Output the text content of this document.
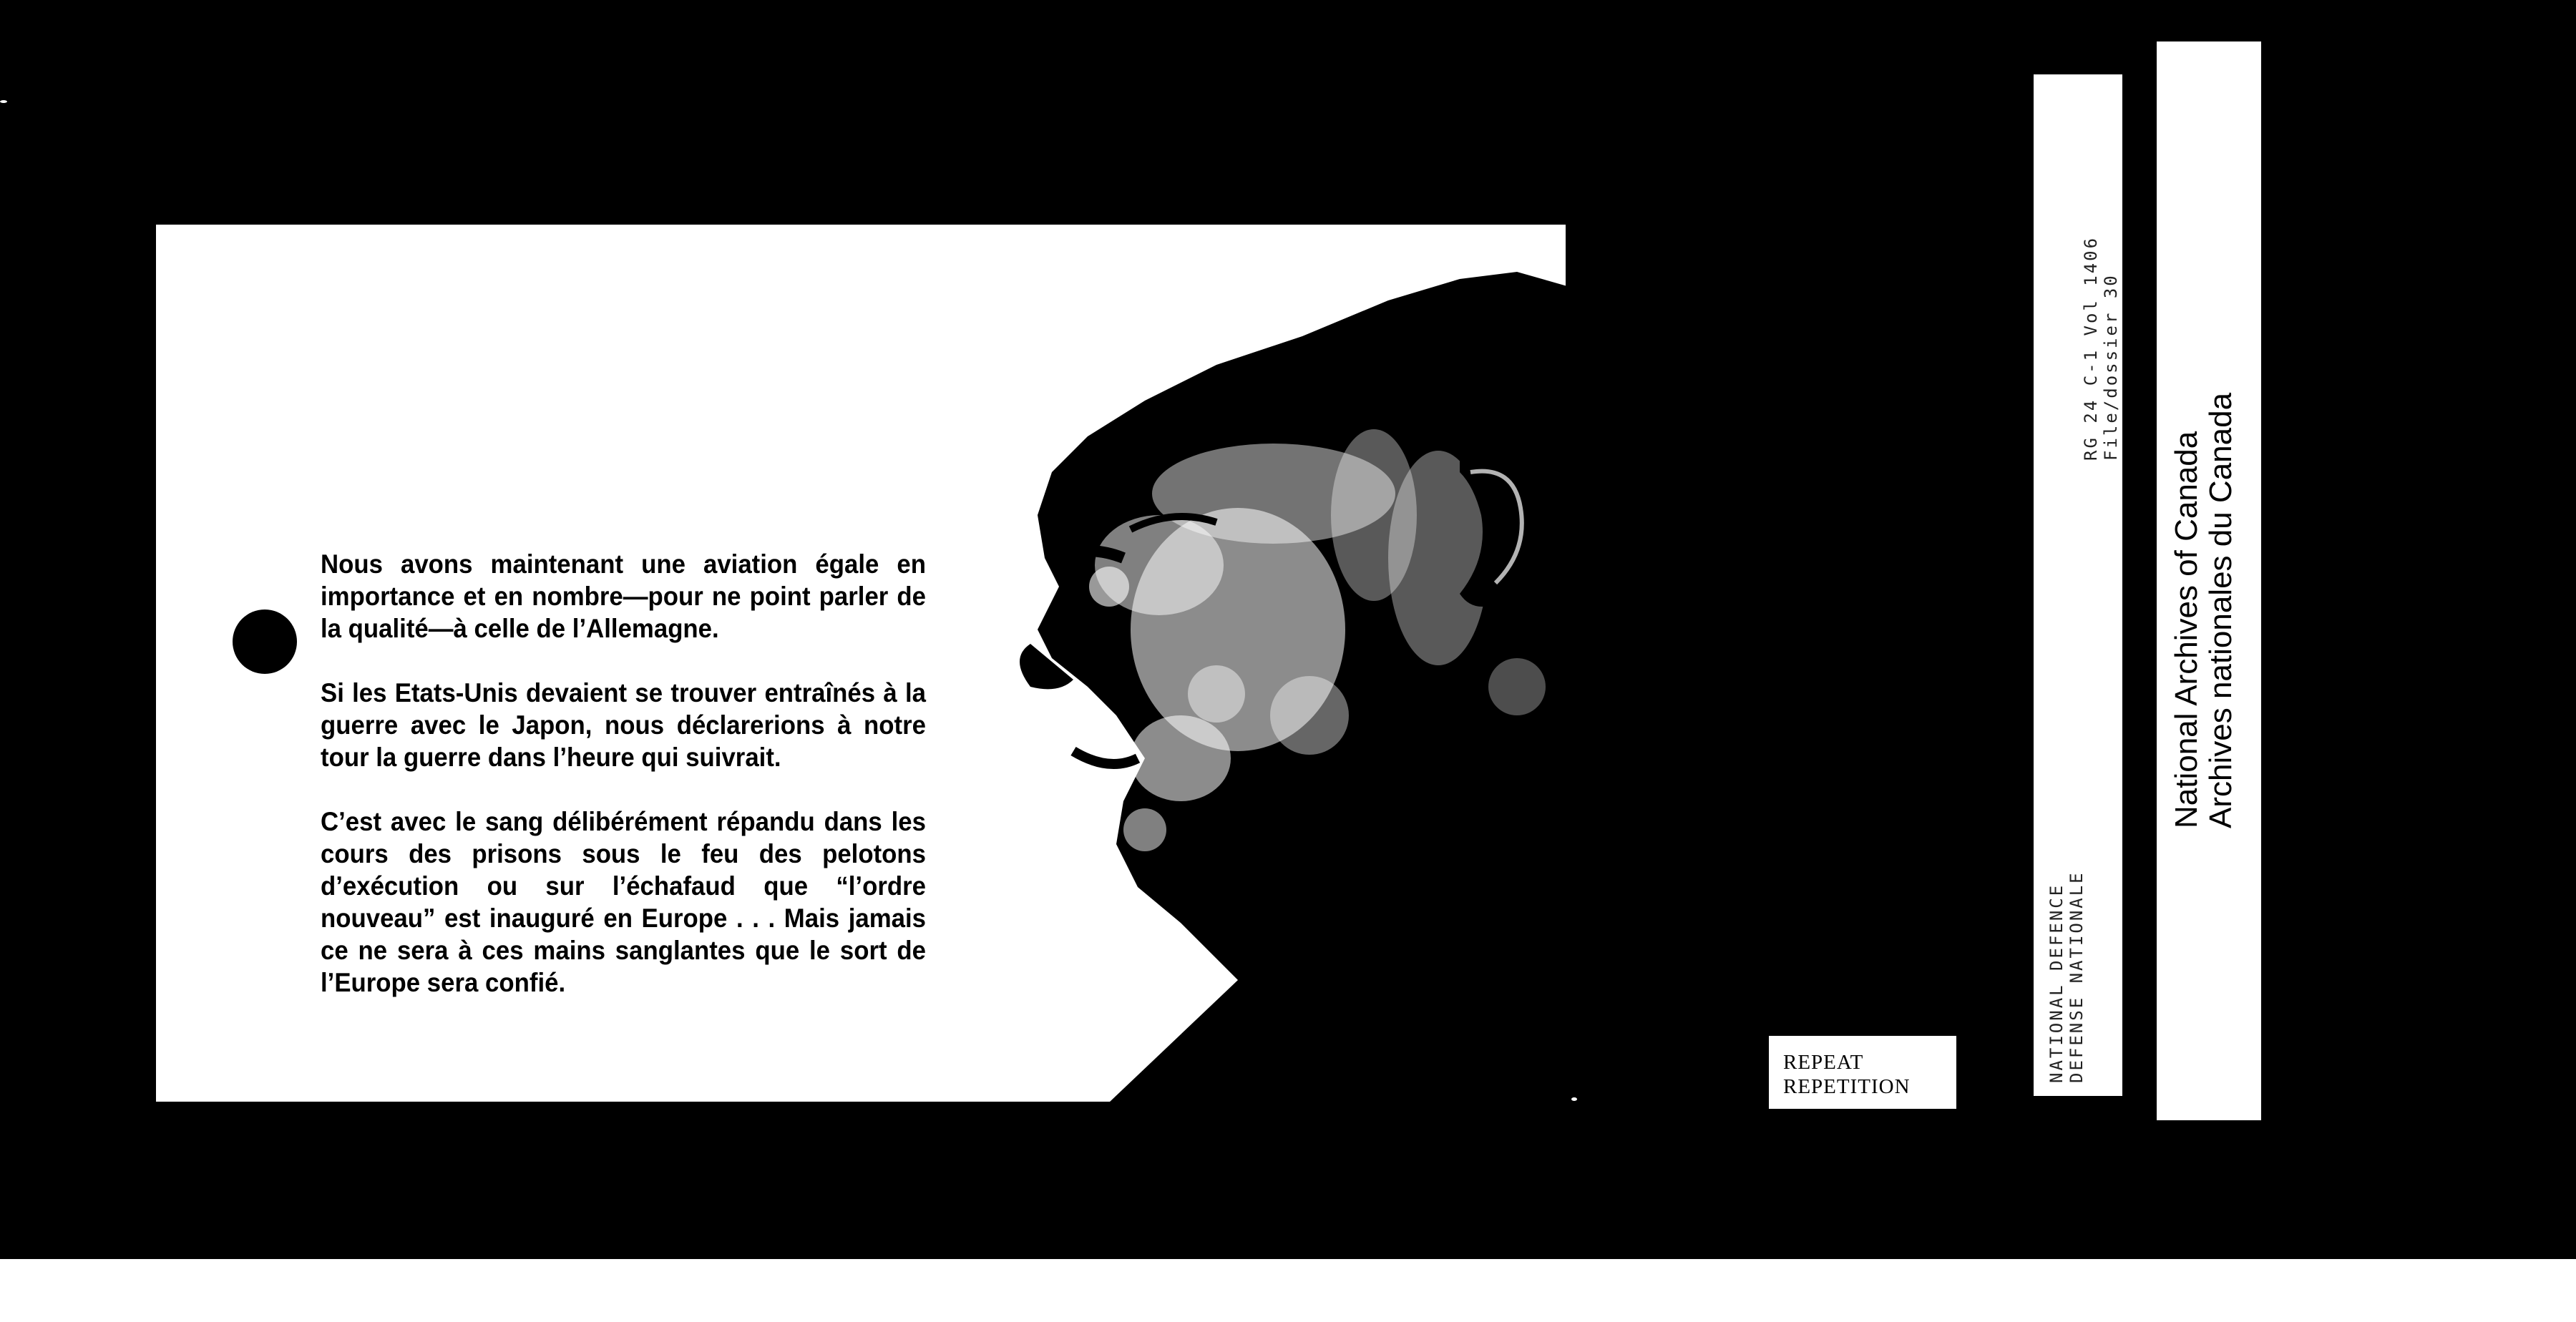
Nous avons maintenant une aviation égale en importance et en nombre—pour ne point parler de la qualité—à celle de l’Allemagne.

Si les Etats-Unis devaient se trouver entraînés à la guerre avec le Japon, nous déclarerions à notre tour la guerre dans l’heure qui suivrait.

C’est avec le sang délibérément répandu dans les cours des prisons sous le feu des pelotons d’exécution ou sur l’échafaud que “l’ordre nouveau” est inauguré en Europe . . . Mais jamais ce ne sera à ces mains sanglantes que le sort de l’Europe sera confié.

REPEAT
REPETITION
NATIONAL DEFENCE DEFENSE NATIONALE
RG 24 C-1 Vol 1406 File/dossier 30
National Archives of Canada Archives nationales du Canada
